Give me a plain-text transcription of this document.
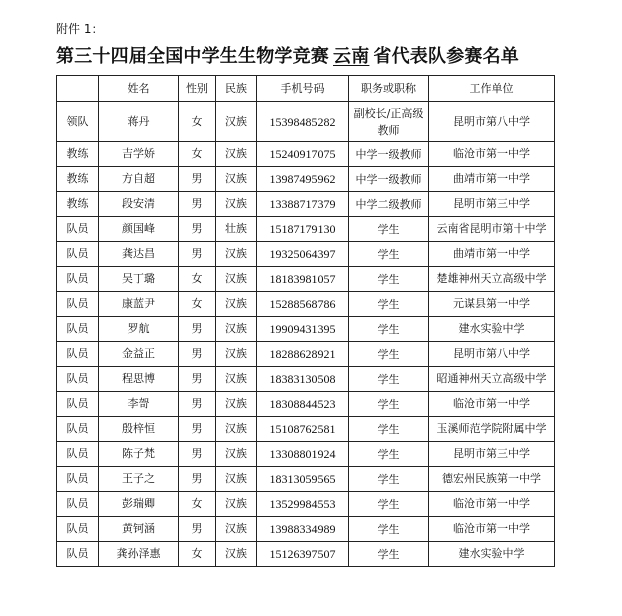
附件 1：
第三十四届全国中学生生物学竞赛 云南 省代表队参赛名单
	姓名	性别	民族	手机号码	职务或职称	工作单位
领队	蒋丹	女	汉族	15398485282	副校长/正高级教师	昆明市第八中学
教练	吉学娇	女	汉族	15240917075	中学一级教师	临沧市第一中学
教练	方自超	男	汉族	13987495962	中学一级教师	曲靖市第一中学
教练	段安清	男	汉族	13388717379	中学二级教师	昆明市第三中学
队员	颜国峰	男	壮族	15187179130	学生	云南省昆明市第十中学
队员	龚达昌	男	汉族	19325064397	学生	曲靖市第一中学
队员	吴丁璐	女	汉族	18183981057	学生	楚雄神州天立高级中学
队员	康蓝尹	女	汉族	15288568786	学生	元谋县第一中学
队员	罗航	男	汉族	19909431395	学生	建水实验中学
队员	金益正	男	汉族	18288628921	学生	昆明市第八中学
队员	程思博	男	汉族	18383130508	学生	昭通神州天立高级中学
队员	李哿	男	汉族	18308844523	学生	临沧市第一中学
队员	殷梓恒	男	汉族	15108762581	学生	玉溪师范学院附属中学
队员	陈子梵	男	汉族	13308801924	学生	昆明市第三中学
队员	王子之	男	汉族	18313059565	学生	德宏州民族第一中学
队员	彭瑞卿	女	汉族	13529984553	学生	临沧市第一中学
队员	黄钶涵	男	汉族	13988334989	学生	临沧市第一中学
队员	龚孙泽惠	女	汉族	15126397507	学生	建水实验中学
